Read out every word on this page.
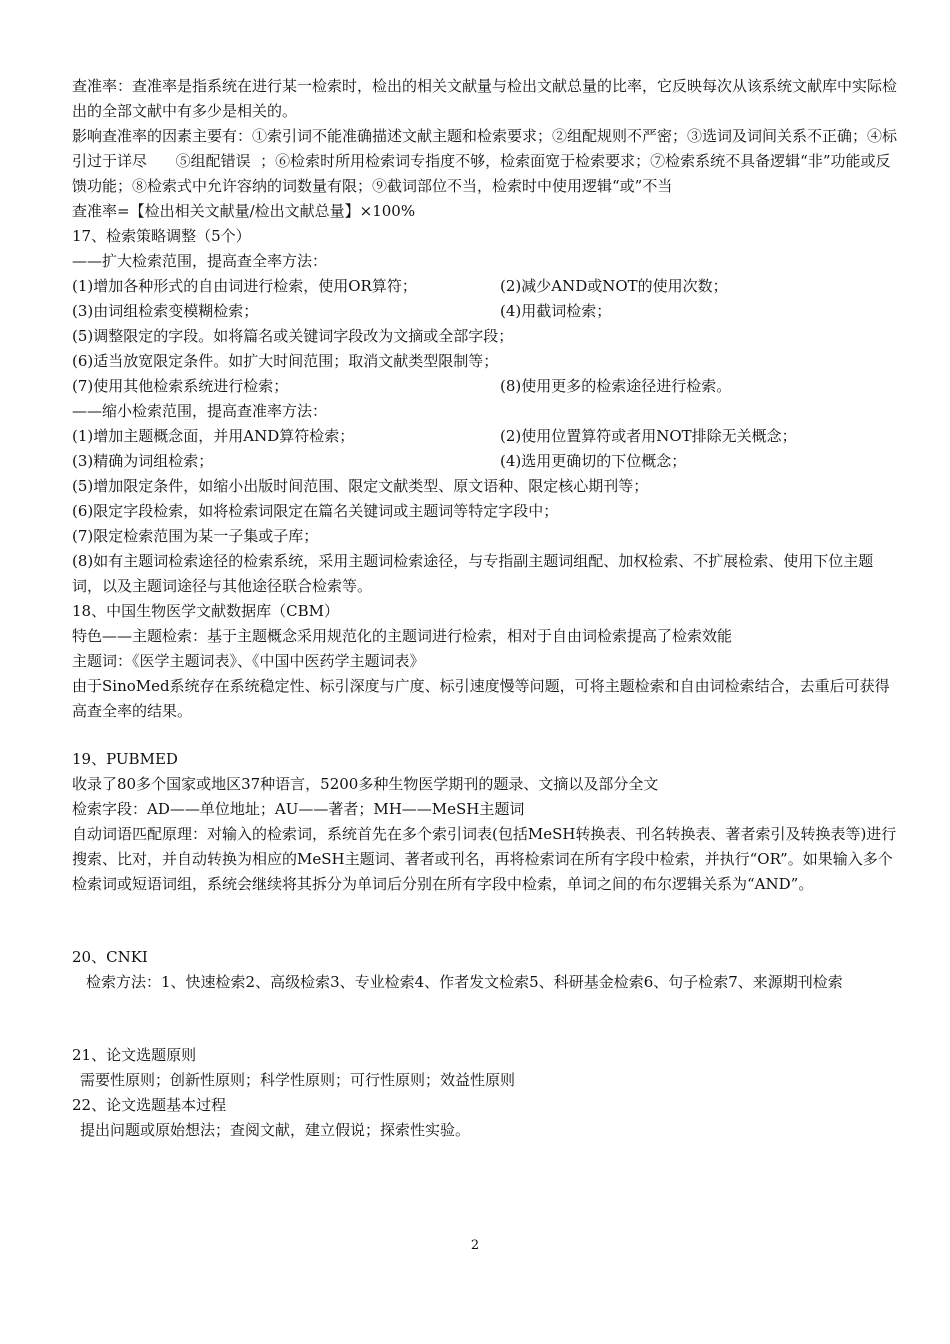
查准率：查准率是指系统在进行某一检索时，检出的相关文献量与检出文献总量的比率，它反映每次从该系统文献库中实际检出的全部文献中有多少是相关的。

影响查准率的因素主要有：①索引词不能准确描述文献主题和检索要求；②组配规则不严密；③选词及词间关系不正确；④标引过于详尽      ⑤组配错误  ；⑥检索时所用检索词专指度不够，检索面宽于检索要求；⑦检索系统不具备逻辑“非”功能或反馈功能；⑧检索式中允许容纳的词数量有限；⑨截词部位不当，检索时中使用逻辑“或”不当

查准率=【检出相关文献量/检出文献总量】×100%

17、检索策略调整（5个）

——扩大检索范围，提高查全率方法：

(1)增加各种形式的自由词进行检索，使用OR算符；	(2)减少AND或NOT的使用次数；
(3)由词组检索变模糊检索；	(4)用截词检索；
(5)调整限定的字段。如将篇名或关键词字段改为文摘或全部字段；
(6)适当放宽限定条件。如扩大时间范围；取消文献类型限制等；
(7)使用其他检索系统进行检索；	(8)使用更多的检索途径进行检索。

——缩小检索范围，提高查准率方法：

(1)增加主题概念面，并用AND算符检索；	(2)使用位置算符或者用NOT排除无关概念；
(3)精确为词组检索；	(4)选用更确切的下位概念；
(5)增加限定条件，如缩小出版时间范围、限定文献类型、原文语种、限定核心期刊等；
(6)限定字段检索，如将检索词限定在篇名关键词或主题词等特定字段中；
(7)限定检索范围为某一子集或子库；

(8)如有主题词检索途径的检索系统，采用主题词检索途径，与专指副主题词组配、加权检索、不扩展检索、使用下位主题词，以及主题词途径与其他途径联合检索等。

18、中国生物医学文献数据库（CBM）

特色——主题检索：基于主题概念采用规范化的主题词进行检索，相对于自由词检索提高了检索效能

主题词：《医学主题词表》、《中国中医药学主题词表》

由于SinoMed系统存在系统稳定性、标引深度与广度、标引速度慢等问题，可将主题检索和自由词检索结合，去重后可获得高查全率的结果。

19、PUBMED

收录了80多个国家或地区37种语言，5200多种生物医学期刊的题录、文摘以及部分全文

检索字段：AD——单位地址；AU——著者；MH——MeSH主题词

自动词语匹配原理：对输入的检索词，系统首先在多个索引词表(包括MeSH转换表、刊名转换表、著者索引及转换表等)进行搜索、比对，并自动转换为相应的MeSH主题词、著者或刊名，再将检索词在所有字段中检索，并执行“OR”。如果输入多个检索词或短语词组，系统会继续将其拆分为单词后分别在所有字段中检索，单词之间的布尔逻辑关系为“AND”。

20、CNKI

检索方法：1、快速检索2、高级检索3、专业检索4、作者发文检索5、科研基金检索6、句子检索7、来源期刊检索

21、论文选题原则

需要性原则；创新性原则；科学性原则；可行性原则；效益性原则

22、论文选题基本过程

提出问题或原始想法；查阅文献，建立假说；探索性实验。

2
